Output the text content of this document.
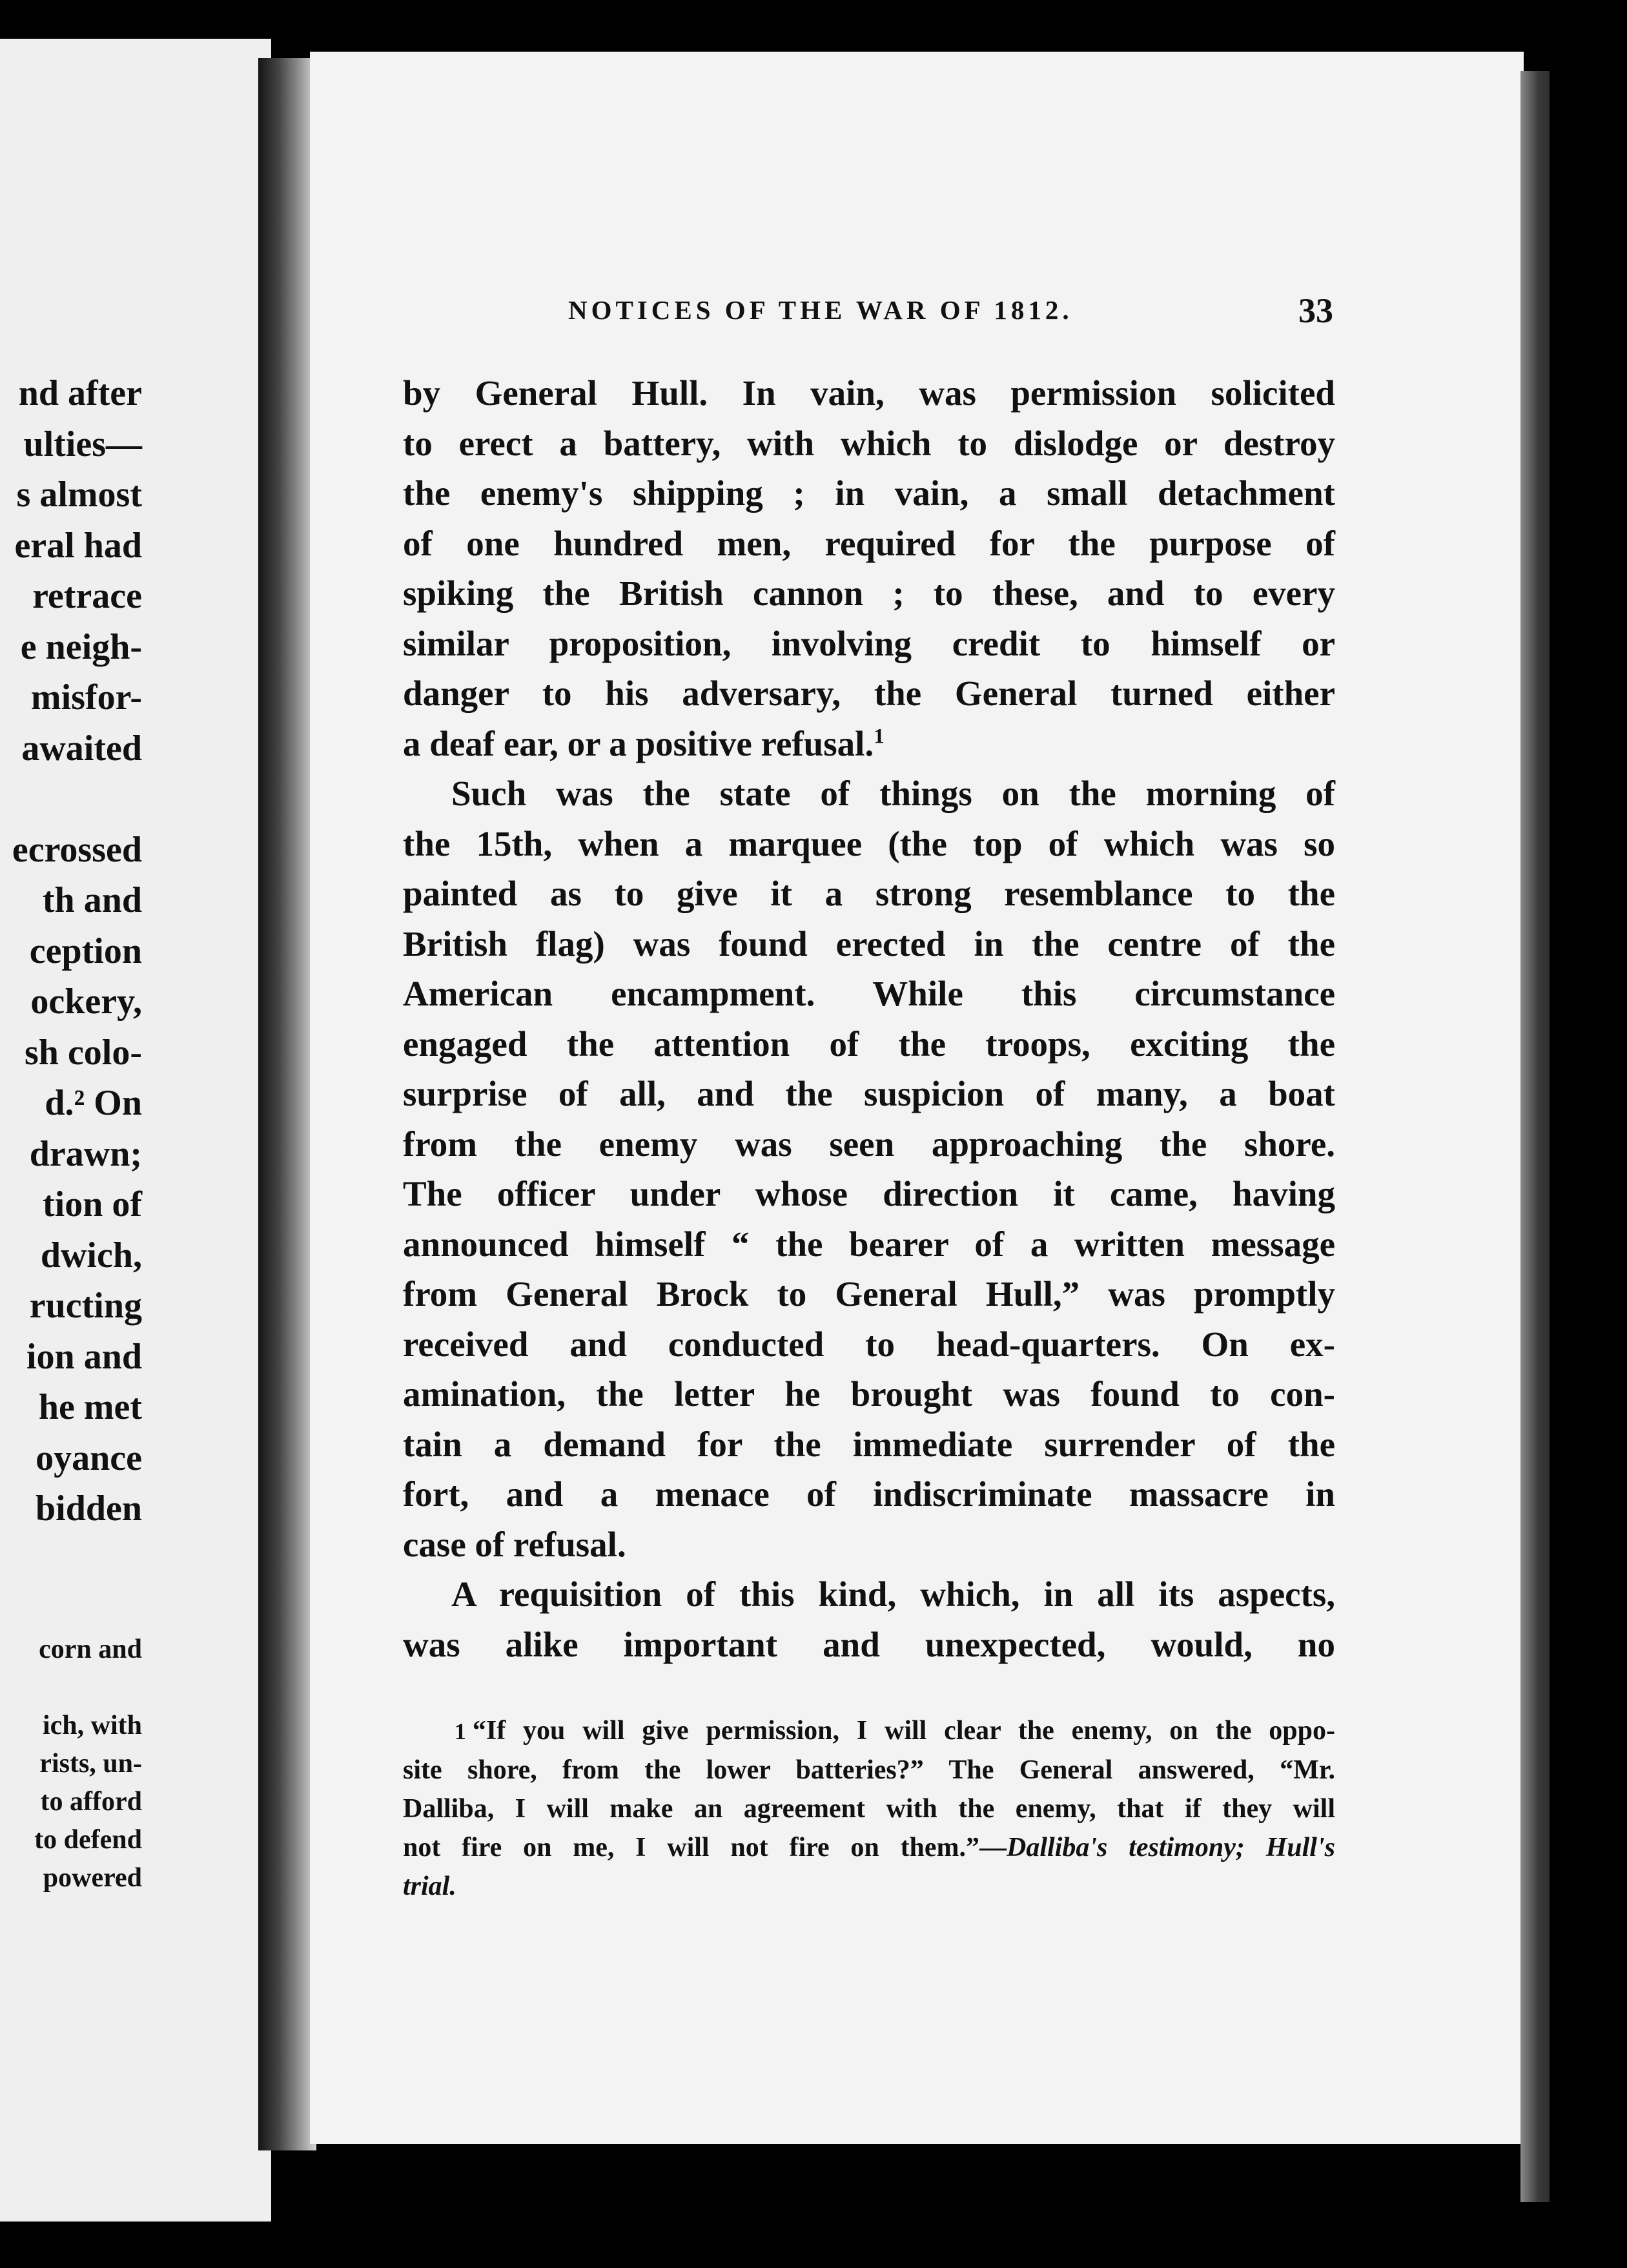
nd after
ulties—
s almost
eral had
retrace
e neigh-
misfor-
awaited

ecrossed
th and
ception
ockery,
sh colo-
d.² On
drawn;
tion of
dwich,
ructing
ion and
he met
oyance
bidden
corn and

ich, with
rists, un-
to afford
to defend
powered
NOTICES OF THE WAR OF 1812.	33
by General Hull. In vain, was permission solicited
to erect a battery, with which to dislodge or destroy
the enemy's shipping ; in vain, a small detachment
of one hundred men, required for the purpose of
spiking the British cannon ; to these, and to every
similar proposition, involving credit to himself or
danger to his adversary, the General turned either
a deaf ear, or a positive refusal.$^1$
Such was the state of things on the morning of
the 15th, when a marquee (the top of which was so
painted as to give it a strong resemblance to the
British flag) was found erected in the centre of the
American encampment. While this circumstance
engaged the attention of the troops, exciting the
surprise of all, and the suspicion of many, a boat
from the enemy was seen approaching the shore.
The officer under whose direction it came, having
announced himself “ the bearer of a written message
from General Brock to General Hull,” was promptly
received and conducted to head-quarters. On ex-
amination, the letter he brought was found to con-
tain a demand for the immediate surrender of the
fort, and a menace of indiscriminate massacre in
case of refusal.
A requisition of this kind, which, in all its aspects,
was alike important and unexpected, would, no
1 “If you will give permission, I will clear the enemy, on the oppo-
site shore, from the lower batteries?” The General answered, “Mr.
Dalliba, I will make an agreement with the enemy, that if they will
not fire on me, I will not fire on them.”—Dalliba's testimony; Hull's
trial.
